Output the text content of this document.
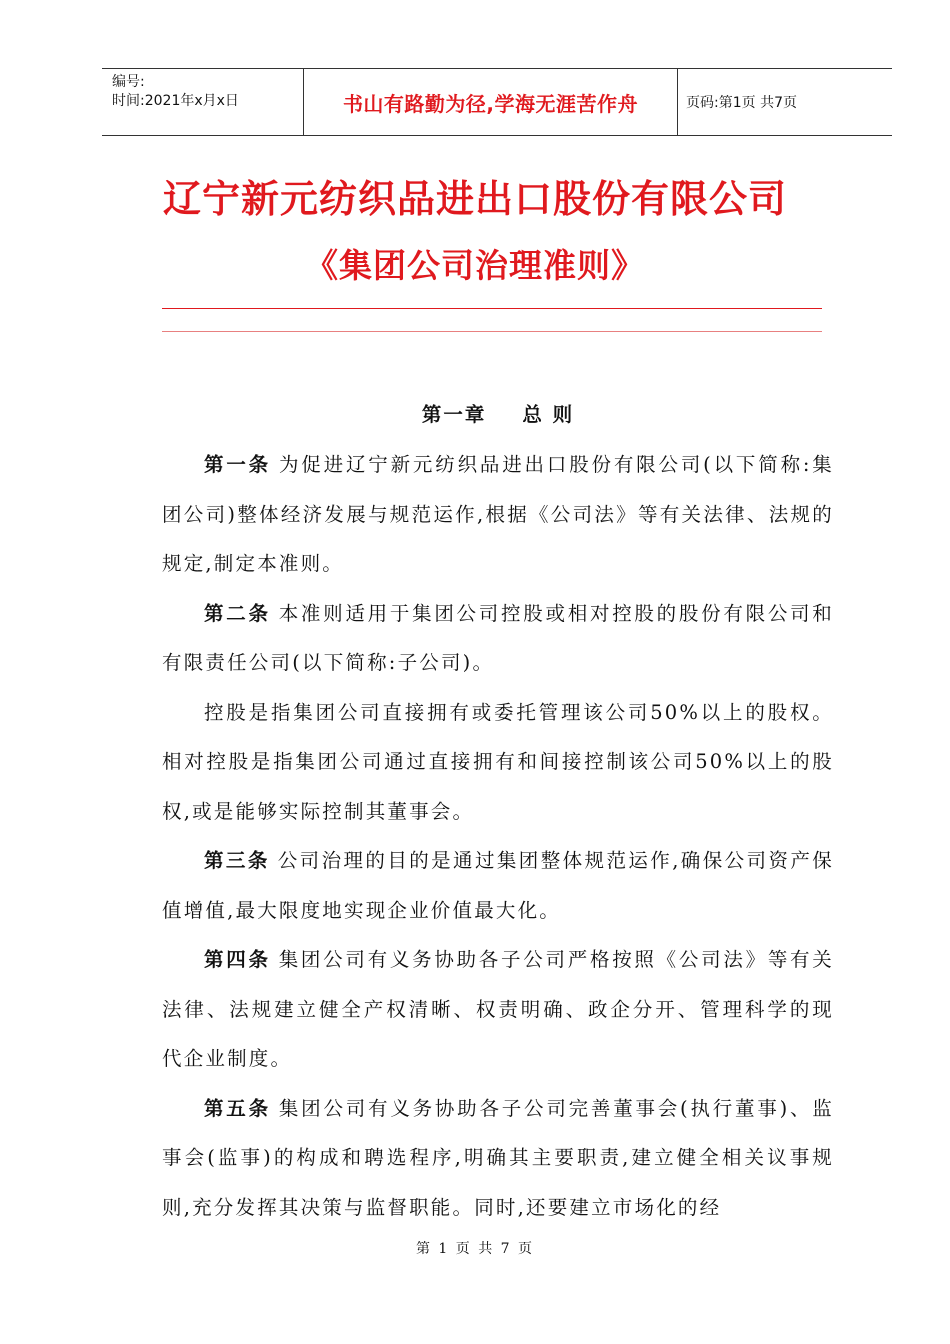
编号:
时间:2021年x月x日	书山有路勤为径,学海无涯苦作舟	页码:第1页 共7页
辽宁新元纺织品进出口股份有限公司
《集团公司治理准则》
第一章 总 则

第一条 为促进辽宁新元纺织品进出口股份有限公司(以下简称:集团公司)整体经济发展与规范运作,根据《公司法》等有关法律、法规的规定,制定本准则。

第二条 本准则适用于集团公司控股或相对控股的股份有限公司和有限责任公司(以下简称:子公司)。

控股是指集团公司直接拥有或委托管理该公司50%以上的股权。相对控股是指集团公司通过直接拥有和间接控制该公司50%以上的股权,或是能够实际控制其董事会。

第三条 公司治理的目的是通过集团整体规范运作,确保公司资产保值增值,最大限度地实现企业价值最大化。

第四条 集团公司有义务协助各子公司严格按照《公司法》等有关法律、法规建立健全产权清晰、权责明确、政企分开、管理科学的现代企业制度。

第五条 集团公司有义务协助各子公司完善董事会(执行董事)、监事会(监事)的构成和聘选程序,明确其主要职责,建立健全相关议事规则,充分发挥其决策与监督职能。同时,还要建立市场化的经

第 1 页 共 7 页
